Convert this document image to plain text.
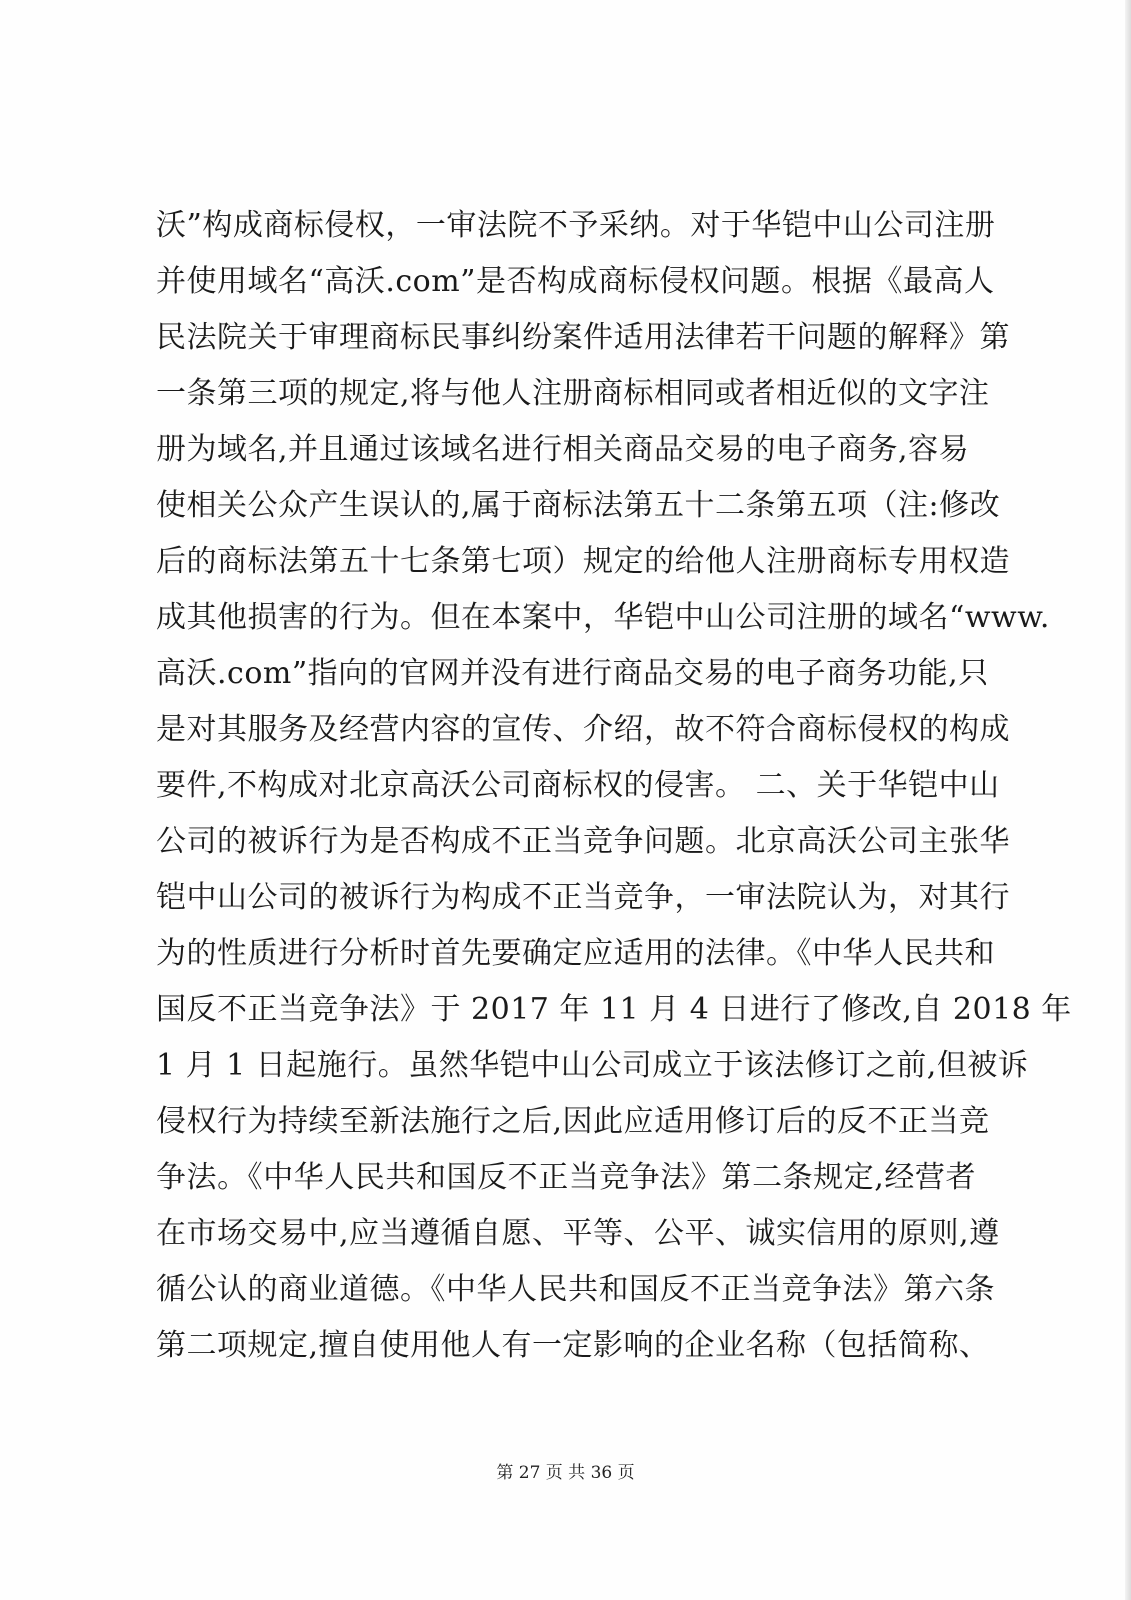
沃”构成商标侵权，一审法院不予采纳。对于华铠中山公司注册
并使用域名“高沃.com”是否构成商标侵权问题。根据《最高人
民法院关于审理商标民事纠纷案件适用法律若干问题的解释》第
一条第三项的规定,将与他人注册商标相同或者相近似的文字注
册为域名,并且通过该域名进行相关商品交易的电子商务,容易
使相关公众产生误认的,属于商标法第五十二条第五项（注:修改
后的商标法第五十七条第七项）规定的给他人注册商标专用权造
成其他损害的行为。但在本案中，华铠中山公司注册的域名“www.
高沃.com”指向的官网并没有进行商品交易的电子商务功能,只
是对其服务及经营内容的宣传、介绍，故不符合商标侵权的构成
要件,不构成对北京高沃公司商标权的侵害。 二、关于华铠中山
公司的被诉行为是否构成不正当竞争问题。北京高沃公司主张华
铠中山公司的被诉行为构成不正当竞争，一审法院认为，对其行
为的性质进行分析时首先要确定应适用的法律。《中华人民共和
国反不正当竞争法》于 2017 年 11 月 4 日进行了修改,自 2018 年
1 月 1 日起施行。虽然华铠中山公司成立于该法修订之前,但被诉
侵权行为持续至新法施行之后,因此应适用修订后的反不正当竞
争法。《中华人民共和国反不正当竞争法》第二条规定,经营者
在市场交易中,应当遵循自愿、平等、公平、诚实信用的原则,遵
循公认的商业道德。《中华人民共和国反不正当竞争法》第六条
第二项规定,擅自使用他人有一定影响的企业名称（包括简称、
第 27 页 共 36 页
